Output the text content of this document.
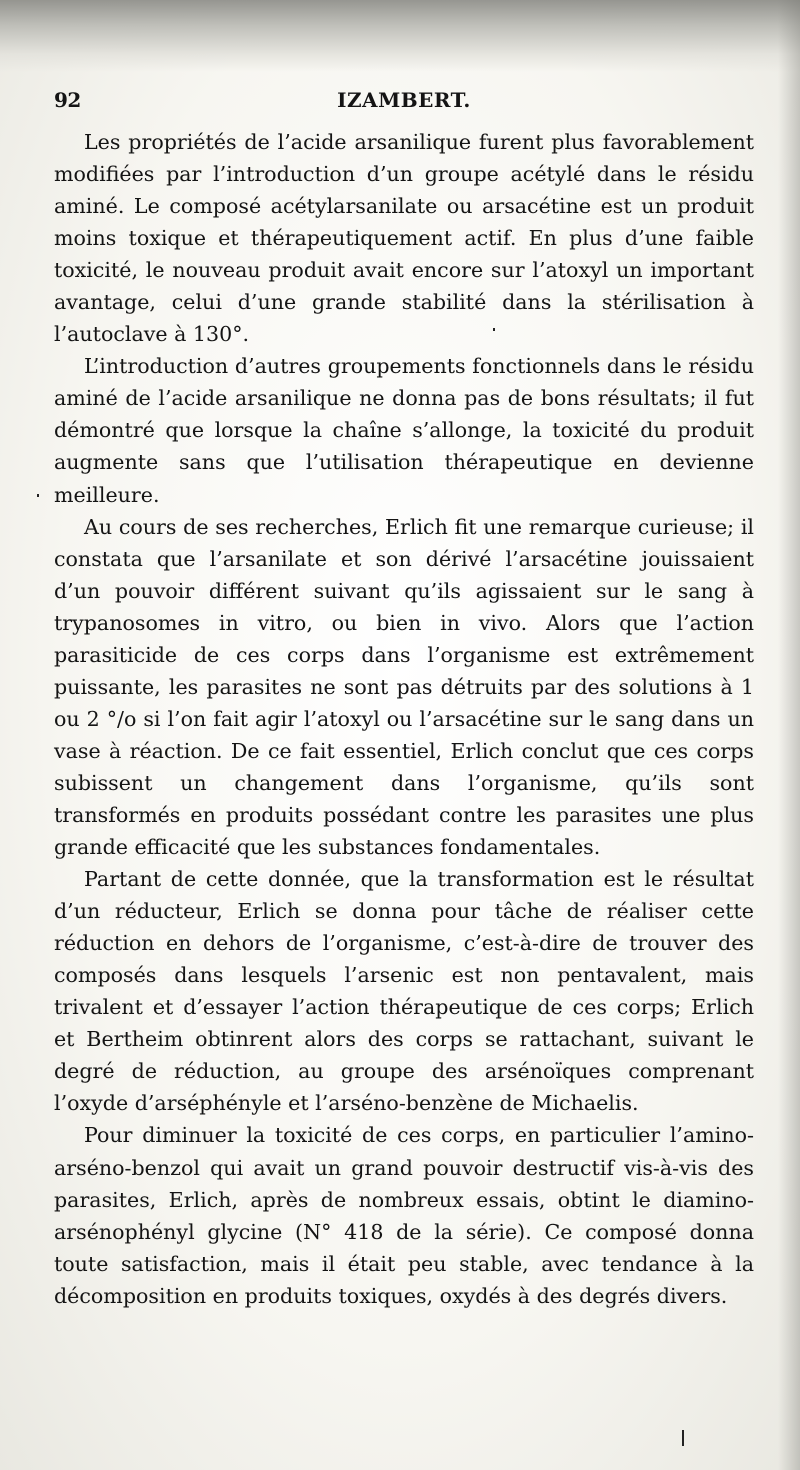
92	IZAMBERT.

Les propriétés de l’acide arsanilique furent plus favorablement modifiées par l’introduction d’un groupe acétylé dans le résidu aminé. Le composé acétylarsanilate ou arsacétine est un produit moins toxique et thérapeutiquement actif. En plus d’une faible toxicité, le nouveau produit avait encore sur l’atoxyl un important avantage, celui d’une grande stabilité dans la stérilisation à l’autoclave à 130°.

L’introduction d’autres groupements fonctionnels dans le résidu aminé de l’acide arsanilique ne donna pas de bons résultats; il fut démontré que lorsque la chaîne s’allonge, la toxicité du produit augmente sans que l’utilisation thérapeutique en devienne meilleure.

Au cours de ses recherches, Erlich fit une remarque curieuse; il constata que l’arsanilate et son dérivé l’arsacétine jouissaient d’un pouvoir différent suivant qu’ils agissaient sur le sang à trypanosomes in vitro, ou bien in vivo. Alors que l’action parasiticide de ces corps dans l’organisme est extrêmement puissante, les parasites ne sont pas détruits par des solutions à 1 ou 2 °/o si l’on fait agir l’atoxyl ou l’arsacétine sur le sang dans un vase à réaction. De ce fait essentiel, Erlich conclut que ces corps subissent un changement dans l’organisme, qu’ils sont transformés en produits possédant contre les parasites une plus grande efficacité que les substances fondamentales.

Partant de cette donnée, que la transformation est le résultat d’un réducteur, Erlich se donna pour tâche de réaliser cette réduction en dehors de l’organisme, c’est-à-dire de trouver des composés dans lesquels l’arsenic est non pentavalent, mais trivalent et d’essayer l’action thérapeutique de ces corps; Erlich et Bertheim obtinrent alors des corps se rattachant, suivant le degré de réduction, au groupe des arsénoïques comprenant l’oxyde d’arséphényle et l’arséno-benzène de Michaelis.

Pour diminuer la toxicité de ces corps, en particulier l’amino-arséno-benzol qui avait un grand pouvoir destructif vis-à-vis des parasites, Erlich, après de nombreux essais, obtint le diamino-arsénophényl glycine (N° 418 de la série). Ce composé donna toute satisfaction, mais il était peu stable, avec tendance à la décomposition en produits toxiques, oxydés à des degrés divers.
